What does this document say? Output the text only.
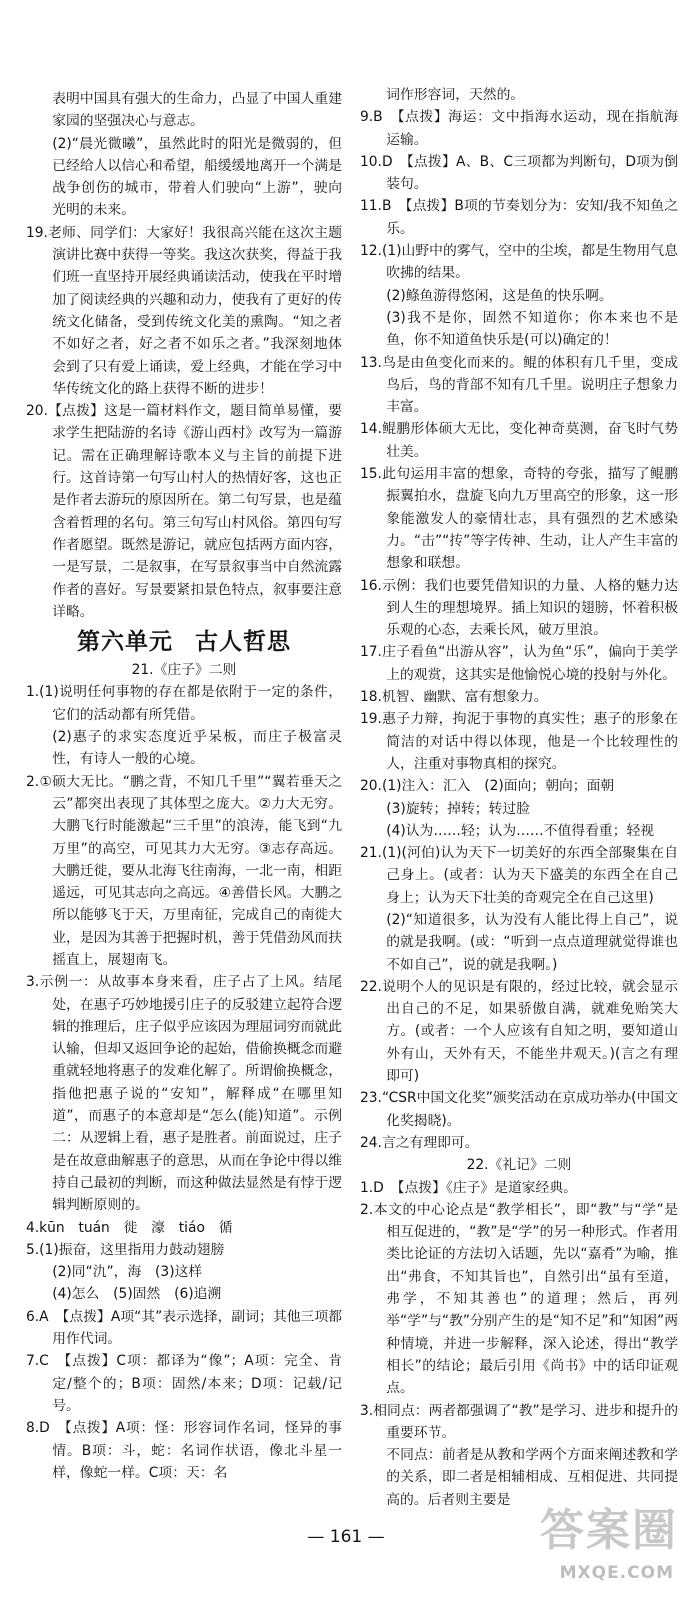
表明中国具有强大的生命力，凸显了中国人重建家园的坚强决心与意志。

(2)“晨光微曦”，虽然此时的阳光是微弱的，但已经给人以信心和希望，船缓缓地离开一个满是战争创伤的城市，带着人们驶向“上游”，驶向光明的未来。

19.老师、同学们：大家好！我很高兴能在这次主题演讲比赛中获得一等奖。我这次获奖，得益于我们班一直坚持开展经典诵读活动，使我在平时增加了阅读经典的兴趣和动力，使我有了更好的传统文化储备，受到传统文化美的熏陶。“知之者不如好之者，好之者不如乐之者。”我深刻地体会到了只有爱上诵读，爱上经典，才能在学习中华传统文化的路上获得不断的进步！

20.【点拨】这是一篇材料作文，题目简单易懂，要求学生把陆游的名诗《游山西村》改写为一篇游记。需在正确理解诗歌本义与主旨的前提下进行。这首诗第一句写山村人的热情好客，这也正是作者去游玩的原因所在。第二句写景，也是蕴含着哲理的名句。第三句写山村风俗。第四句写作者愿望。既然是游记，就应包括两方面内容，一是写景，二是叙事，在写景叙事当中自然流露作者的喜好。写景要紧扣景色特点，叙事要注意详略。

第六单元 古人哲思

21.《庄子》二则

1.(1)说明任何事物的存在都是依附于一定的条件，它们的活动都有所凭借。

(2)惠子的求实态度近乎呆板，而庄子极富灵性，有诗人一般的心境。

2.①硕大无比。“鹏之背，不知几千里”“翼若垂天之云”都突出表现了其体型之庞大。②力大无穷。大鹏飞行时能激起“三千里”的浪涛，能飞到“九万里”的高空，可见其力大无穷。③志存高远。大鹏迁徙，要从北海飞往南海，一北一南，相距遥远，可见其志向之高远。④善借长风。大鹏之所以能够飞于天，万里南征，完成自己的南徙大业，是因为其善于把握时机，善于凭借劲风而扶摇直上，展翅南飞。

3.示例一：从故事本身来看，庄子占了上风。结尾处，在惠子巧妙地援引庄子的反驳建立起符合逻辑的推理后，庄子似乎应该因为理屈词穷而就此认输，但却又返回争论的起始，借偷换概念而避重就轻地将惠子的发难化解了。所谓偷换概念，指他把惠子说的“安知”，解释成“在哪里知道”，而惠子的本意却是“怎么(能)知道”。示例二：从逻辑上看，惠子是胜者。前面说过，庄子是在故意曲解惠子的意思，从而在争论中得以维持自己最初的判断，而这种做法显然是有悖于逻辑判断原则的。

4.kūn　tuán　徙　濠　tiáo　循

5.(1)振奋，这里指用力鼓动翅膀

(2)同“氿”，海　(3)这样

(4)怎么　(5)固然　(6)追溯

6.A　【点拨】A项“其”表示选择，副词；其他三项都用作代词。

7.C　【点拨】C项：都译为“像”；A项：完全、肯定/整个的；B项：固然/本来；D项：记载/记号。

8.D　【点拨】A项：怪：形容词作名词，怪异的事情。B项：斗，蛇：名词作状语，像北斗星一样，像蛇一样。C项：天：名

词作形容词，天然的。

9.B　【点拨】海运：文中指海水运动，现在指航海运输。

10.D　【点拨】A、B、C三项都为判断句，D项为倒装句。

11.B　【点拨】B项的节奏划分为：安知/我不知鱼之乐。

12.(1)山野中的雾气，空中的尘埃，都是生物用气息吹拂的结果。

(2)鲦鱼游得悠闲，这是鱼的快乐啊。

(3)我不是你，固然不知道你；你本来也不是鱼，你不知道鱼快乐是(可以)确定的！

13.鸟是由鱼变化而来的。鲲的体积有几千里，变成鸟后，鸟的背部不知有几千里。说明庄子想象力丰富。

14.鲲鹏形体硕大无比，变化神奇莫测，奋飞时气势壮美。

15.此句运用丰富的想象，奇特的夸张，描写了鲲鹏振翼拍水，盘旋飞向九万里高空的形象，这一形象能激发人的豪情壮志，具有强烈的艺术感染力。“击”“抟”等字传神、生动，让人产生丰富的想象和联想。

16.示例：我们也要凭借知识的力量、人格的魅力达到人生的理想境界。插上知识的翅膀，怀着积极乐观的心态，去乘长风，破万里浪。

17.庄子看鱼“出游从容”，认为鱼“乐”，偏向于美学上的观赏，这其实是他愉悦心境的投射与外化。

18.机智、幽默、富有想象力。

19.惠子力辩，拘泥于事物的真实性；惠子的形象在简洁的对话中得以体现，他是一个比较理性的人，注重对事物真相的探究。

20.(1)注入：汇入　(2)面向；朝向；面朝

(3)旋转；掉转；转过脸

(4)认为……轻；认为……不值得看重；轻视

21.(1)(河伯)认为天下一切美好的东西全部聚集在自己身上。(或者：认为天下盛美的东西全在自己身上；认为天下壮美的奇观完全在自己这里)

(2)“知道很多，认为没有人能比得上自己”，说的就是我啊。(或：“听到一点点道理就觉得谁也不如自己”，说的就是我啊。)

22.说明个人的见识是有限的，经过比较，就会显示出自己的不足，如果骄傲自满，就难免贻笑大方。(或者：一个人应该有自知之明，要知道山外有山，天外有天，不能坐井观天。)(言之有理即可)

23.“CSR中国文化奖”颁奖活动在京成功举办(中国文化奖揭晓)。

24.言之有理即可。

22.《礼记》二则

1.D　【点拨】《庄子》是道家经典。

2.本文的中心论点是“教学相长”，即“教”与“学”是相互促进的，“教”是“学”的另一种形式。作者用类比论证的方法切入话题，先以“嘉肴”为喻，推出“弗食，不知其旨也”，自然引出“虽有至道，弗学，不知其善也”的道理；然后，再列举“学”与“教”分别产生的是“知不足”和“知困”两种情境，并进一步解释，深入论述，得出“教学相长”的结论；最后引用《尚书》中的话印证观点。

3.相同点：两者都强调了“教”是学习、进步和提升的重要环节。

不同点：前者是从教和学两个方面来阐述教和学的关系，即二者是相辅相成、互相促进、共同提高的。后者则主要是

— 161 —	答案圈
MXQE.COM
